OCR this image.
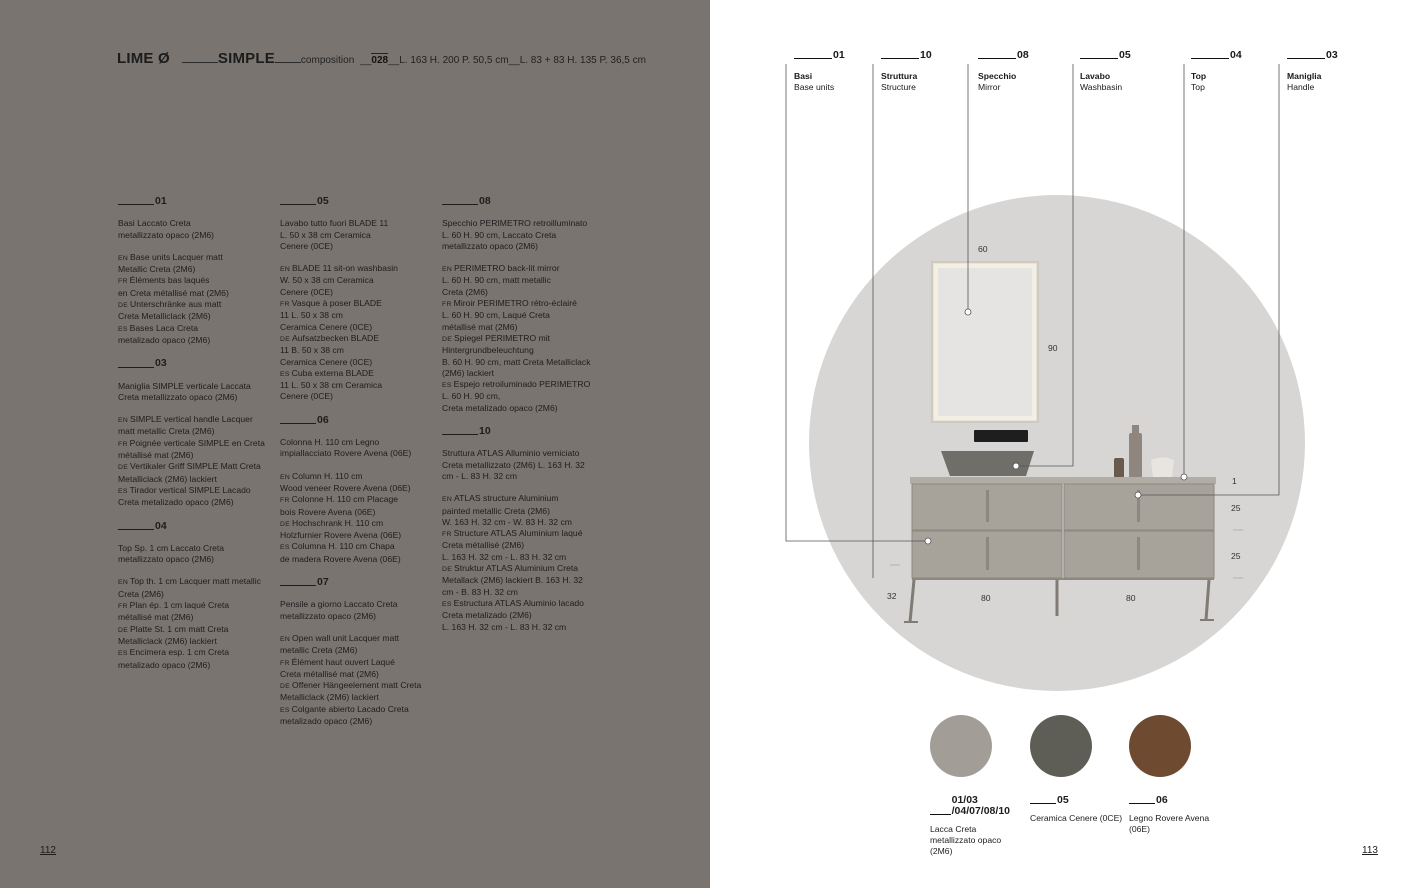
LIME Ø	SIMPLE	composition __ 028 __ L. 163 H. 200 P. 50,5 cm __ L. 83 + 83 H. 135 P. 36,5 cm
01
Basi Laccato Creta
metallizzato opaco (2M6)
EN Base units Lacquer matt
Metallic Creta (2M6)
FR Éléments bas laqués
en Creta métallisé mat (2M6)
DE Unterschränke aus matt
Creta Metalliclack (2M6)
ES Bases Laca Creta
metalizado opaco (2M6)
03
Maniglia SIMPLE verticale Laccata
Creta metallizzato opaco (2M6)
EN SIMPLE vertical handle Lacquer
matt metallic Creta (2M6)
FR Poignée verticale SIMPLE en Creta
métallisé mat (2M6)
DE Vertikaler Griff SIMPLE Matt Creta
Metalliclack (2M6) lackiert
ES Tirador vertical SIMPLE Lacado
Creta metalizado opaco (2M6)
04
Top Sp. 1 cm Laccato Creta
metallizzato opaco (2M6)
EN Top th. 1 cm Lacquer matt metallic
Creta (2M6)
FR Plan ép. 1 cm laqué Creta
métallisé mat (2M6)
DE Platte St. 1 cm matt Creta
Metalliclack (2M6) lackiert
ES Encimera esp. 1 cm Creta
metalizado opaco (2M6)
05
Lavabo tutto fuori BLADE 11
L. 50 x 38 cm Ceramica
Cenere (0CE)
EN BLADE 11 sit-on washbasin
W. 50 x 38 cm Ceramica
Cenere (0CE)
FR Vasque à poser BLADE
11 L. 50 x 38 cm
Ceramica Cenere (0CE)
DE Aufsatzbecken BLADE
11 B. 50 x 38 cm
Ceramica Cenere (0CE)
ES Cuba externa BLADE
11 L. 50 x 38 cm Ceramica
Cenere (0CE)
06
Colonna H. 110 cm Legno
impiallacciato Rovere Avena (06E)
EN Column H. 110 cm
Wood veneer Rovere Avena (06E)
FR Colonne H. 110 cm Placage
bois Rovere Avena (06E)
DE Hochschrank H. 110 cm
Holzfurnier Rovere Avena (06E)
ES Columna H. 110 cm Chapa
de madera Rovere Avena (06E)
07
Pensile a giorno Laccato Creta
metallizzato opaco (2M6)
EN Open wall unit Lacquer matt
metallic Creta (2M6)
FR Élément haut ouvert Laqué
Creta métallisé mat (2M6)
DE Offener Hängeelement matt Creta
Metalliclack (2M6) lackiert
ES Colgante abierto Lacado Creta
metalizado opaco (2M6)
08
Specchio PERIMETRO retroilluminato
L. 60 H. 90 cm, Laccato Creta
metallizzato opaco (2M6)
EN PERIMETRO back-lit mirror
L. 60 H. 90 cm, matt metallic
Creta (2M6)
FR Miroir PERIMETRO rétro-éclairé
L. 60 H. 90 cm, Laqué Creta
métallisé mat (2M6)
DE Spiegel PERIMETRO mit
Hintergrundbeleuchtung
B. 60 H. 90 cm, matt Creta Metalliclack
(2M6) lackiert
ES Espejo retroiluminado PERIMETRO
L. 60 H. 90 cm,
Creta metalizado opaco (2M6)
10
Struttura ATLAS Alluminio verniciato
Creta metallizzato (2M6) L. 163 H. 32
cm - L. 83 H. 32 cm
EN ATLAS structure Aluminium
painted metallic Creta (2M6)
W. 163 H. 32 cm - W. 83 H. 32 cm
FR Structure ATLAS Aluminium laqué
Creta métallisé (2M6)
L. 163 H. 32 cm - L. 83 H. 32 cm
DE Struktur ATLAS Aluminium Creta
Metallack (2M6) lackiert B. 163 H. 32
cm - B. 83 H. 32 cm
ES Estructura ATLAS Aluminio lacado
Creta metalizado (2M6)
L. 163 H. 32 cm - L. 83 H. 32 cm
112
01
Basi
Base units
10
Struttura
Structure
08
Specchio
Mirror
05
Lavabo
Washbasin
04
Top
Top
03
Maniglia
Handle
60
90
1
25
25
32	80	80
01/03
/04/07/08/10
Lacca Creta metallizzato opaco (2M6)
05
Ceramica Cenere (0CE)
06
Legno Rovere Avena (06E)
113
